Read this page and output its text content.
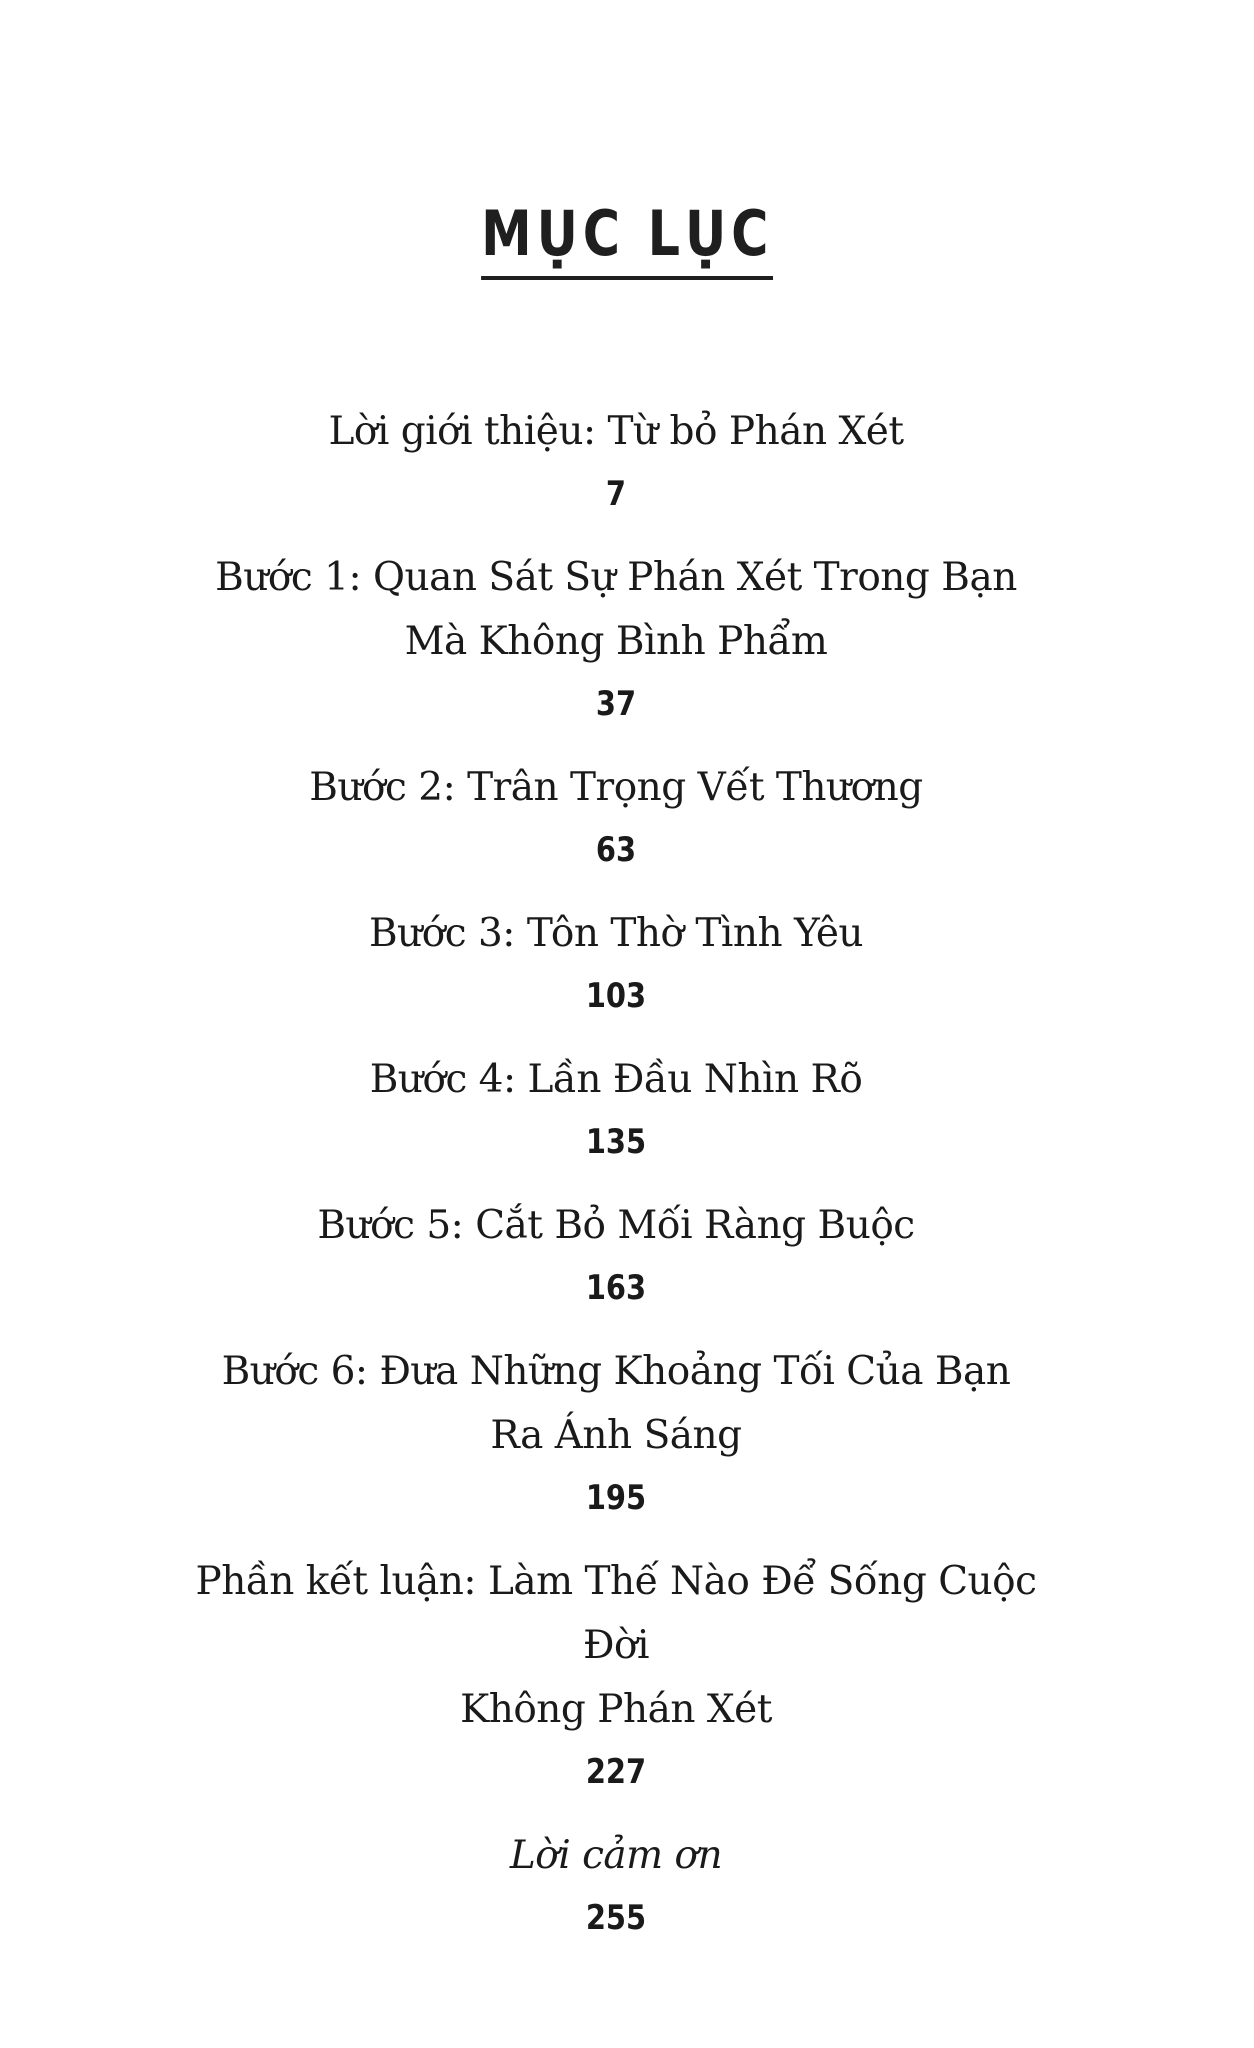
MỤC LỤC
Lời giới thiệu: Từ bỏ Phán Xét
7
Bước 1: Quan Sát Sự Phán Xét Trong Bạn
Mà Không Bình Phẩm
37
Bước 2: Trân Trọng Vết Thương
63
Bước 3: Tôn Thờ Tình Yêu
103
Bước 4: Lần Đầu Nhìn Rõ
135
Bước 5: Cắt Bỏ Mối Ràng Buộc
163
Bước 6: Đưa Những Khoảng Tối Của Bạn
Ra Ánh Sáng
195
Phần kết luận: Làm Thế Nào Để Sống Cuộc Đời
Không Phán Xét
227
Lời cảm ơn
255
